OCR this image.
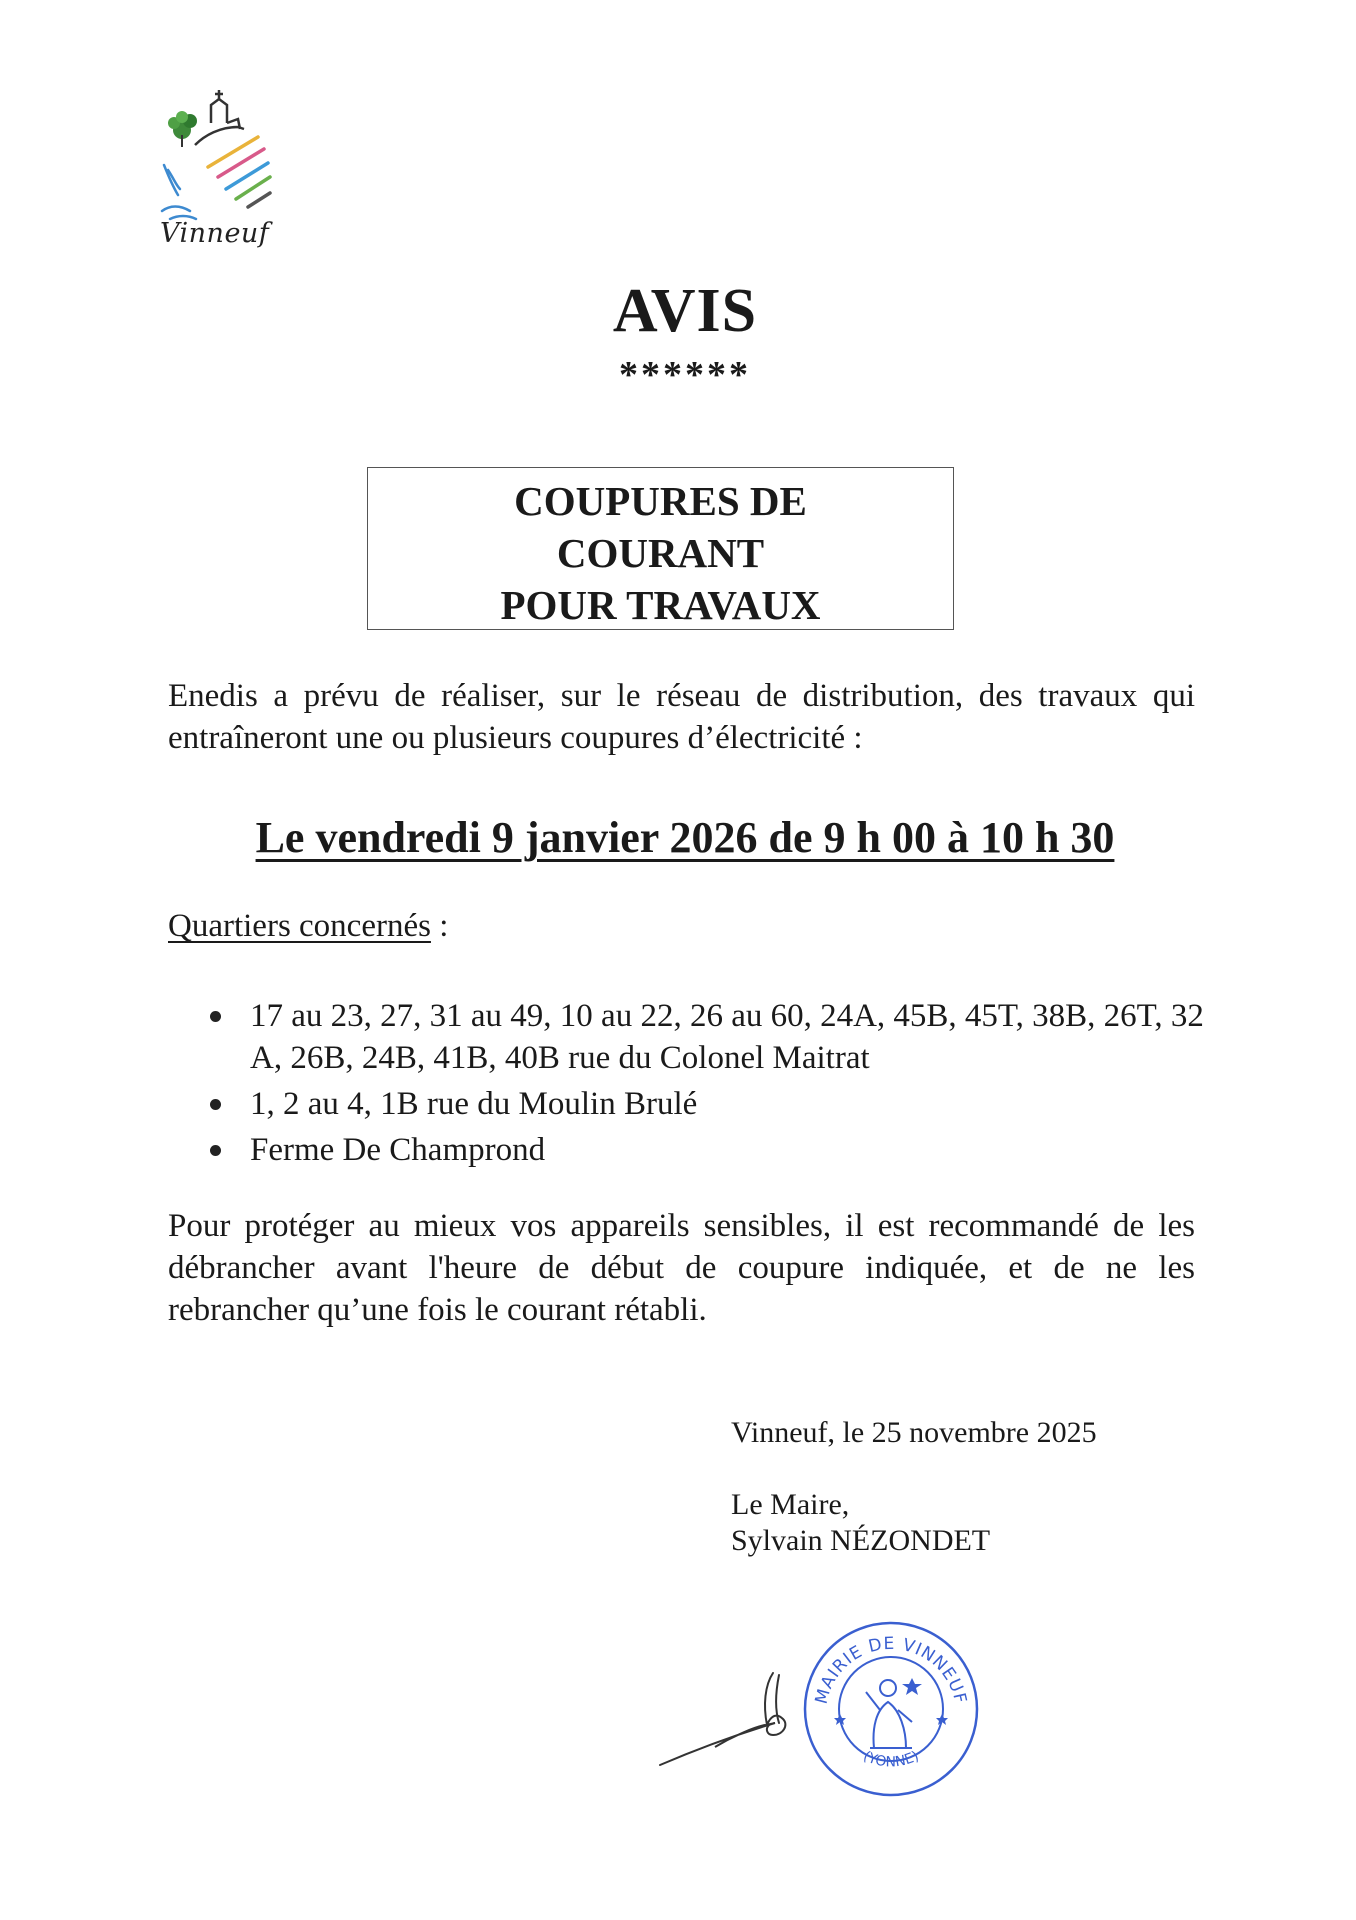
Vinneuf
AVIS
******
COUPURES DE
COURANT
POUR TRAVAUX
Enedis a prévu de réaliser, sur le réseau de distribution, des travaux qui entraîneront une ou plusieurs coupures d’électricité :
Le vendredi 9 janvier 2026 de 9 h 00 à 10 h 30
Quartiers concernés :
17 au 23, 27, 31 au 49, 10 au 22, 26 au 60, 24A, 45B, 45T, 38B, 26T, 32 A, 26B, 24B, 41B, 40B rue du Colonel Maitrat
1, 2 au 4, 1B rue du Moulin Brulé
Ferme De Champrond
Pour protéger au mieux vos appareils sensibles, il est recommandé de les débrancher avant l'heure de début de coupure indiquée, et de ne les rebrancher qu’une fois le courant rétabli.
Vinneuf, le 25 novembre 2025
Le Maire,
Sylvain NÉZONDET
MAIRIE DE VINNEUF
(YONNE)
